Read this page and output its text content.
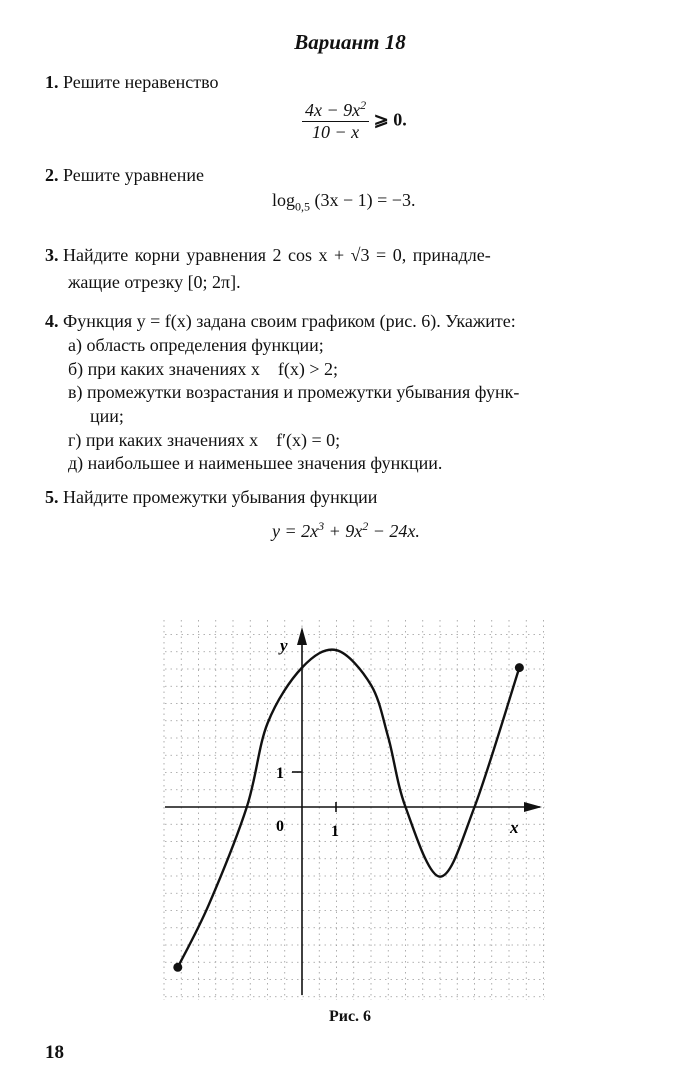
Вариант 18
1. Решите неравенство
$\frac{4x - 9x^2}{10 - x}$ ⩾ 0.
2. Решите уравнение
$\log_{0,5} (3x - 1) = -3$.
3. Найдите корни уравнения 2 cos x + √3 = 0, принадле-
жащие отрезку [0; 2π].
4. Функция y = f(x) задана своим графиком (рис. 6). Укажите:
а) область определения функции;
б) при каких значениях x    f(x) > 2;
в) промежутки возрастания и промежутки убывания функ-
ции;
г) при каких значениях x    f′(x) = 0;
д) наибольшее и наименьшее значения функции.
5. Найдите промежутки убывания функции
$y = 2x^3 + 9x^2 - 24x$.
y
x
0	1
1
Рис. 6
18
